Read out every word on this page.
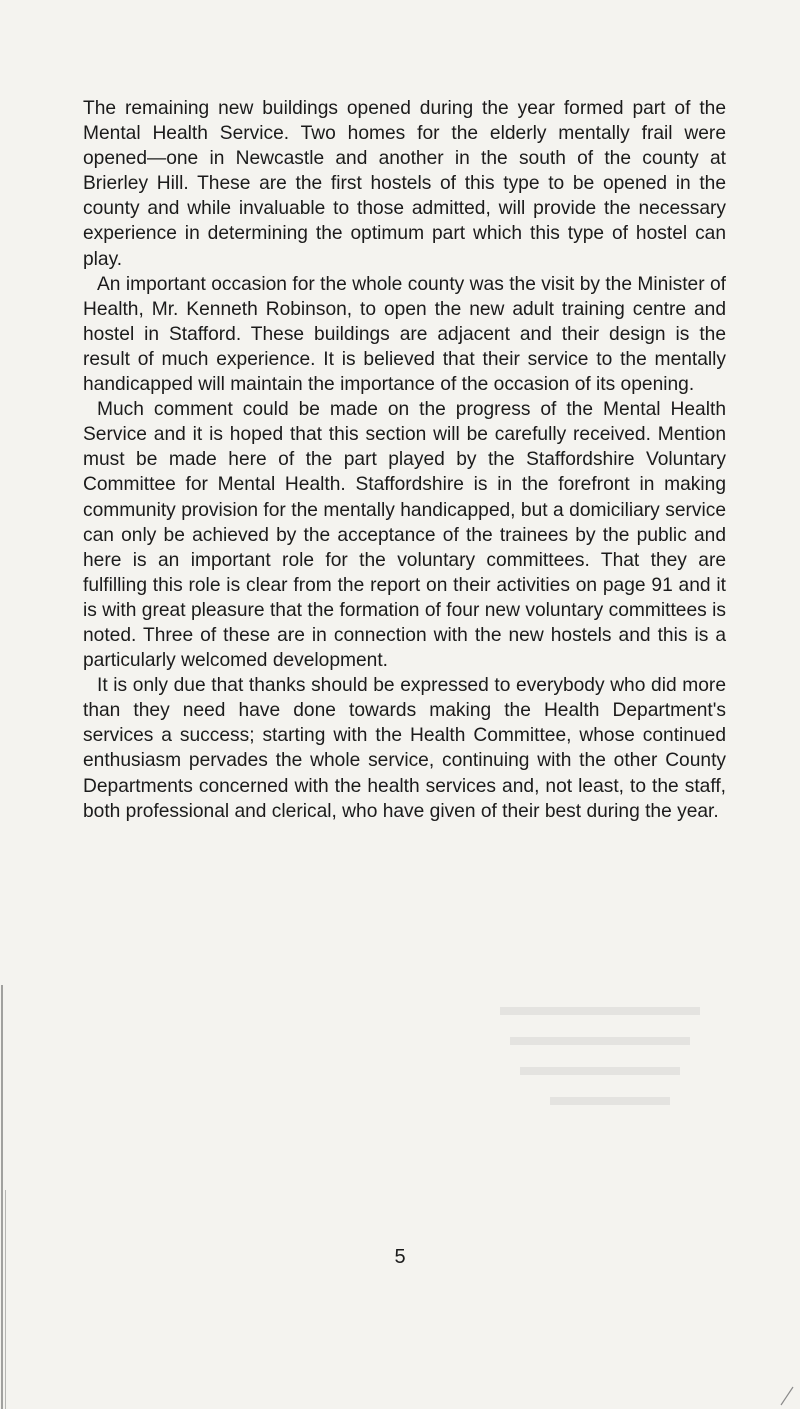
The remaining new buildings opened during the year formed part of the Mental Health Service. Two homes for the elderly mentally frail were opened—one in Newcastle and another in the south of the county at Brierley Hill. These are the first hostels of this type to be opened in the county and while invaluable to those admitted, will provide the necessary experience in determining the optimum part which this type of hostel can play.

An important occasion for the whole county was the visit by the Minister of Health, Mr. Kenneth Robinson, to open the new adult training centre and hostel in Stafford. These buildings are adjacent and their design is the result of much experience. It is believed that their service to the mentally handicapped will maintain the importance of the occasion of its opening.

Much comment could be made on the progress of the Mental Health Service and it is hoped that this section will be carefully received. Mention must be made here of the part played by the Staffordshire Voluntary Committee for Mental Health. Staffordshire is in the forefront in making community provision for the mentally handicapped, but a domiciliary service can only be achieved by the acceptance of the trainees by the public and here is an important role for the voluntary committees. That they are fulfilling this role is clear from the report on their activities on page 91 and it is with great pleasure that the formation of four new voluntary committees is noted. Three of these are in connection with the new hostels and this is a particularly welcomed development.

It is only due that thanks should be expressed to everybody who did more than they need have done towards making the Health Department's services a success; starting with the Health Committee, whose continued enthusiasm pervades the whole service, continuing with the other County Departments concerned with the health services and, not least, to the staff, both professional and clerical, who have given of their best during the year.

5
